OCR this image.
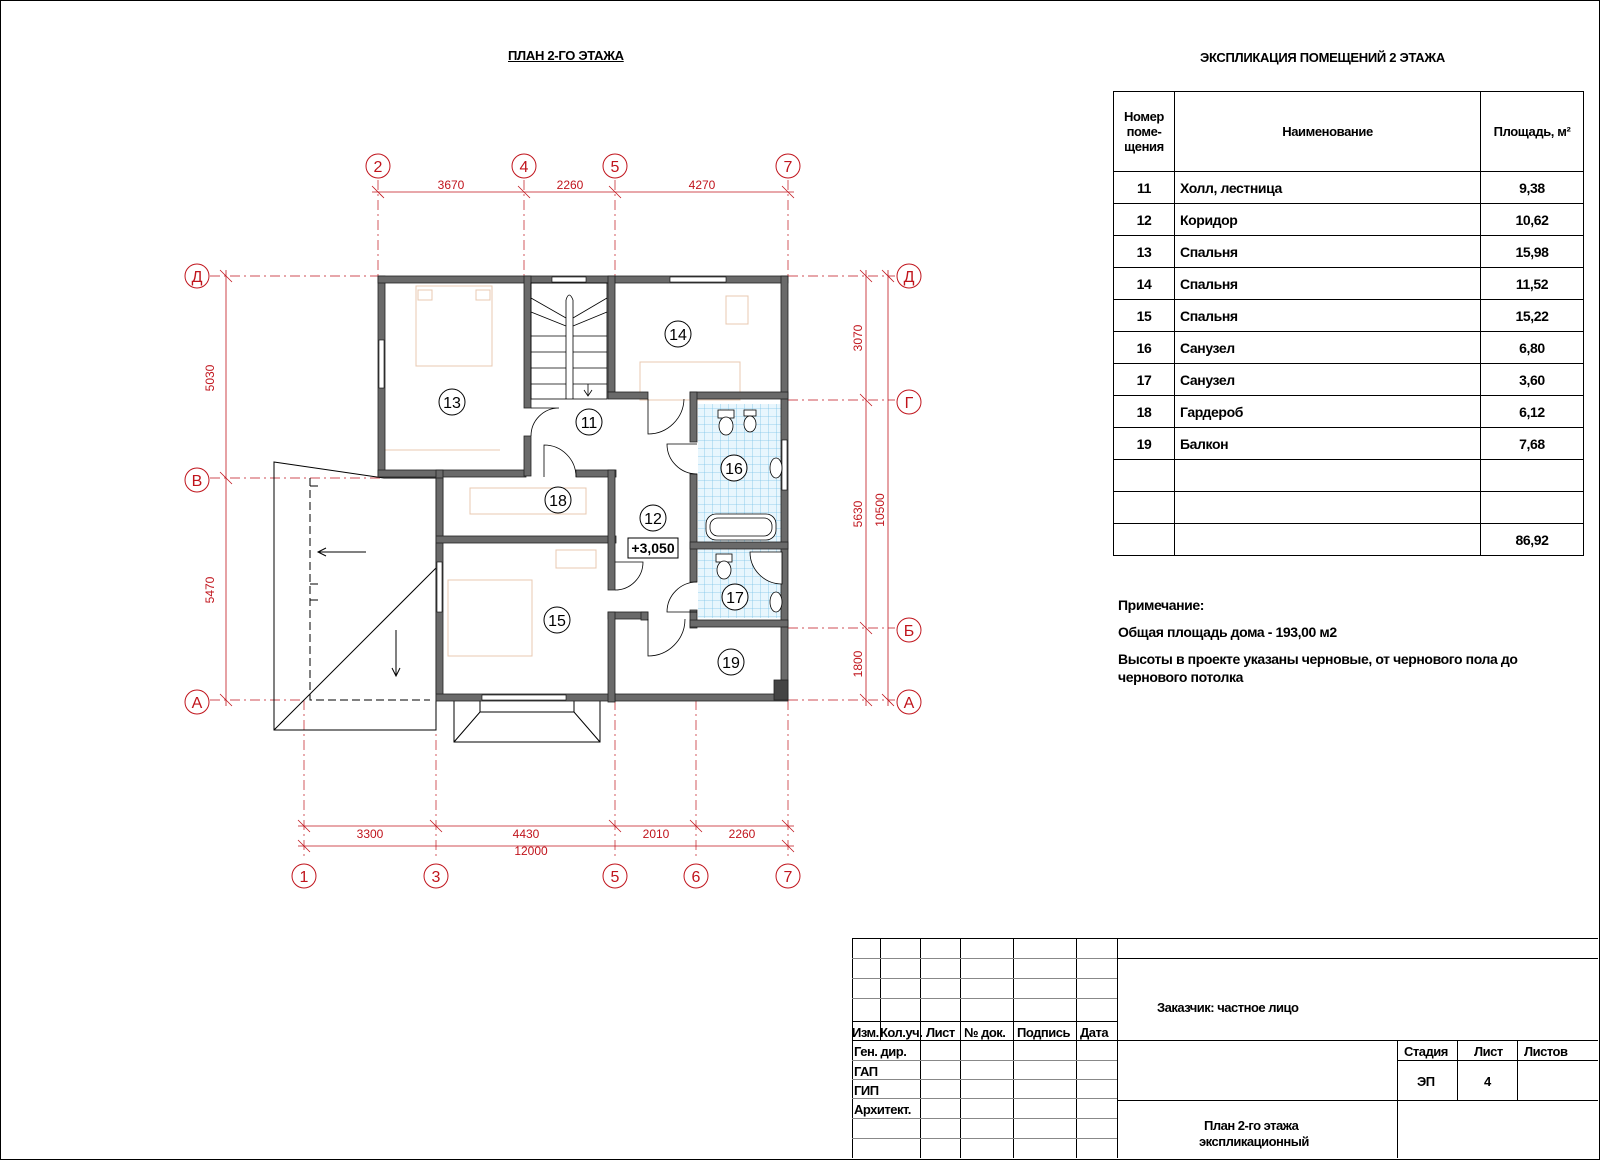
ПЛАН 2-ГО ЭТАЖА
3670	2260	4270
3300	4430	2010	2260
12000
5030
5470
3070
5630
1800
10500
2	4	5	7
1	3	5	6	7
Д
В
А
Д
Г
Б
А
11
12
13
14
15
16
17
18
19
+3,050
ЭКСПЛИКАЦИЯ ПОМЕЩЕНИЙ 2 ЭТАЖА
Номер поме- щения	Наименование	Площадь, м²
11	Холл, лестница	9,38
12	Коридор	10,62
13	Спальня	15,98
14	Спальня	11,52
15	Спальня	15,22
16	Санузел	6,80
17	Санузел	3,60
18	Гардероб	6,12
19	Балкон	7,68

		86,92
Примечание:
Общая площадь дома - 193,00 м2
Высоты в проекте указаны черновые, от чернового пола до чернового потолка
Изм. Кол.уч. Лист № док. Подпись Дата
Ген. дир.
ГАП
ГИП
Архитект.
Заказчик: частное лицо
Стадия Лист Листов
ЭП	4
План 2-го этажа
экспликационный
